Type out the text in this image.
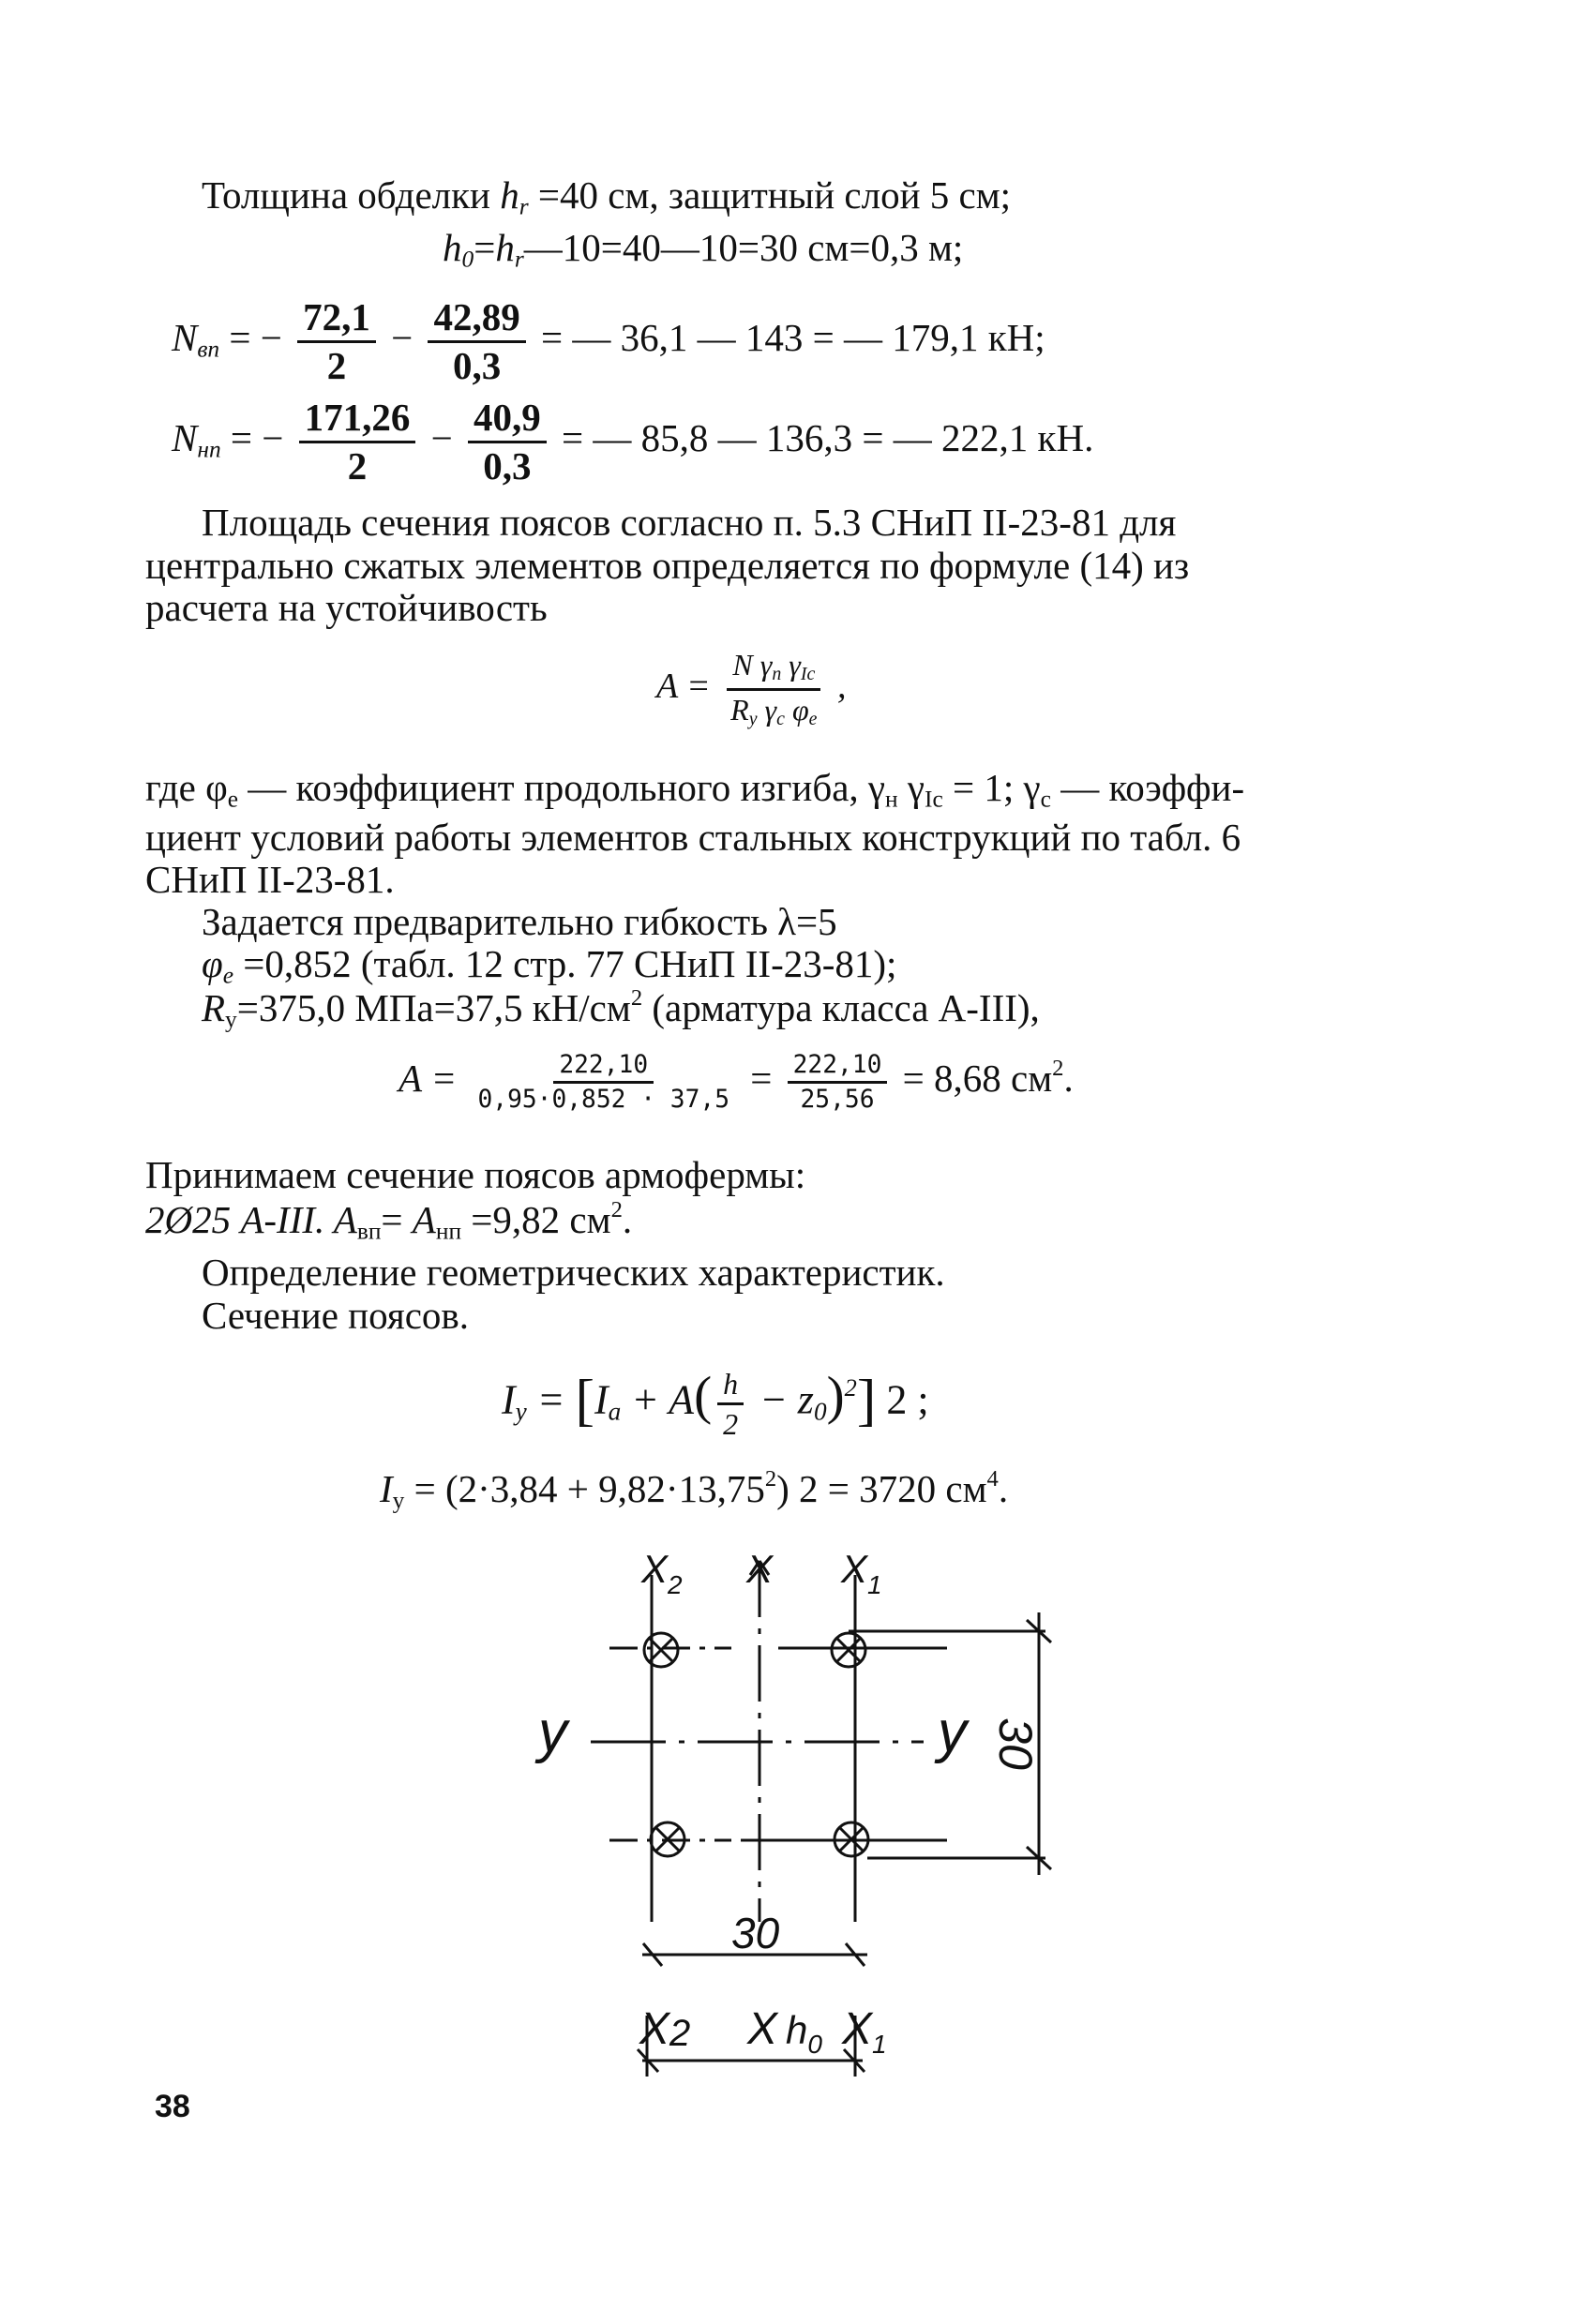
Толщина обделки $h_r =40$ см, защитный слой 5 см;
$h_0=h_r—10=40—10=30$ см=0,3 м;
$N_{вп}$ = − $\frac{72,1}{2} - \frac{42,89}{0,3}$ = — 36,1 — 143 = — 179,1 кН;
$N_{нп}$ = − $\frac{171,26}{2} - \frac{40,9}{0,3}$ = — 85,8 — 136,3 = — 222,1 кН.
Площадь сечения поясов согласно п. 5.3 СНиП II-23-81 для
центрально сжатых элементов определяется по формуле (14) из
расчета на устойчивость
$A = \frac{N \gamma_n \gamma_{Ic}}{R_y \gamma_c \varphi_e}$ ,
где $\varphi_e$ — коэффициент продольного изгиба, $\gamma_н$ $\gamma_{Ic} = 1$; $\gamma_c$ — коэффи-
циент условий работы элементов стальных конструкций по табл. 6
СНиП II-23-81.
Задается предварительно гибкость λ=5
$\varphi_e =0,852$ (табл. 12 стр. 77 СНиП II-23-81);
$R_y=375,0$ МПа=37,5 $кН/см^2$ (арматура класса А-III),
$A = \frac{222,10}{0,95\cdot 0,852 \cdot 37,5} = \frac{222,10}{25,56} = 8,68$ $см^2$.
Принимаем сечение поясов армофермы:
2Ø25 А-III. $A_{вп}= A_{нп} =9,82$ $см^2$.
Определение геометрических характеристик.
Сечение поясов.
$I_y = [I_a + A( \frac{h}{2} - z_0)^2]$ 2 ;
$I_y = (2\cdot 3,84 + 9,82\cdot 13,75^2) 2 = 3720$ $см^4$.
$X_2$ X $X_1$
y	y 30
30
X2 X $h_0$ $X_1$
38
